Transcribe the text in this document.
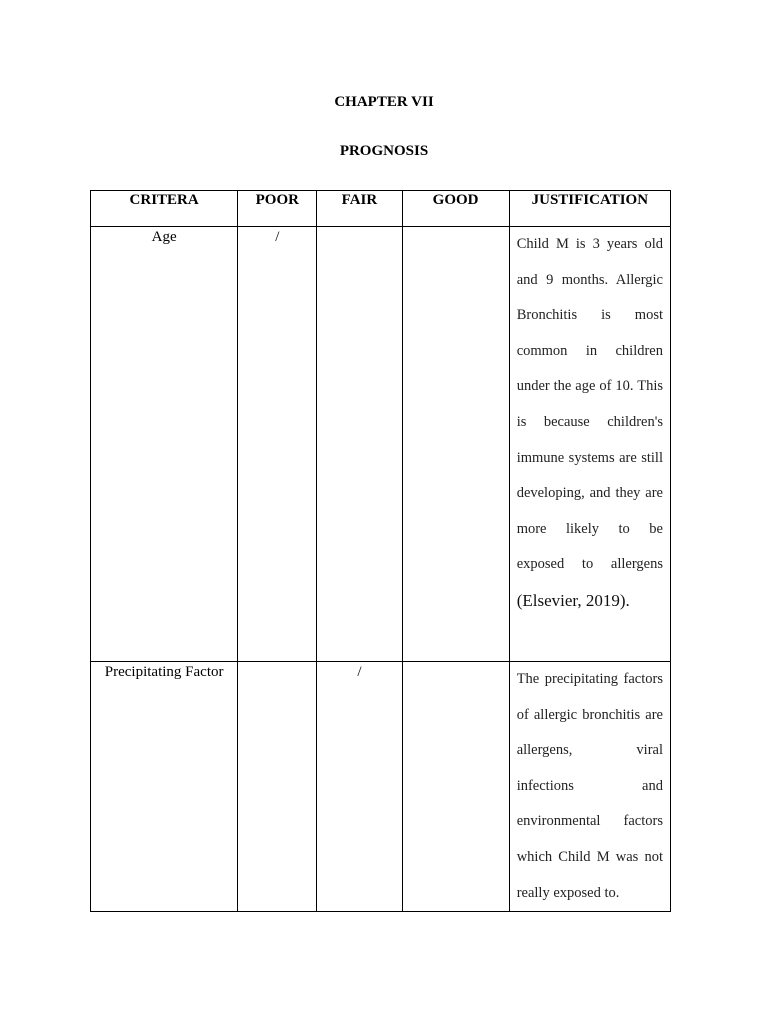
CHAPTER VII
PROGNOSIS
CRITERA	POOR	FAIR	GOOD	JUSTIFICATION
Age	/			Child M is 3 years old and 9 months. Allergic Bronchitis is most common in children under the age of 10. This is because children's immune systems are still developing, and they are more likely to be exposed to allergens (Elsevier, 2019).

Precipitating Factor		/		The precipitating factors of allergic bronchitis are allergens, viral infections and environmental factors which Child M was not really exposed to.
